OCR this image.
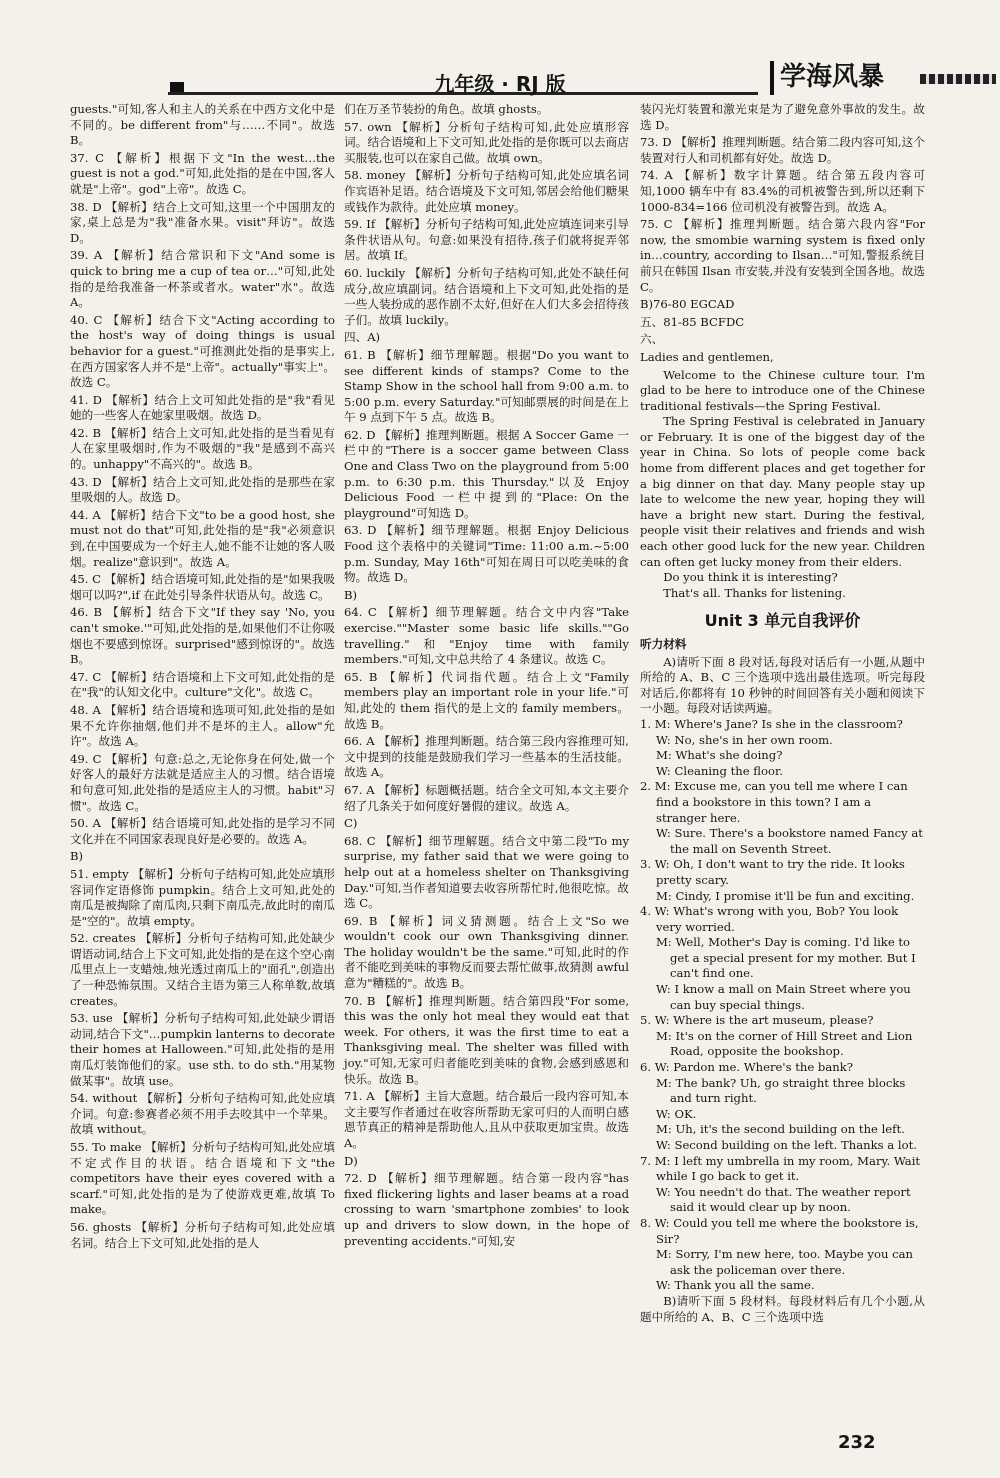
九年级 · RJ 版	学海风暴
guests."可知,客人和主人的关系在中西方文化中是不同的。be different from"与……不同"。故选 B。
37. C 【解析】根据下文"In the west…the guest is not a god."可知,此处指的是在中国,客人就是"上帝"。god"上帝"。故选 C。
38. D 【解析】结合上文可知,这里一个中国朋友的家,桌上总是为"我"准备水果。visit"拜访"。故选 D。
39. A 【解析】结合常识和下文"And some is quick to bring me a cup of tea or…"可知,此处指的是给我准备一杯茶或者水。water"水"。故选 A。
40. C 【解析】结合下文"Acting according to the host's way of doing things is usual behavior for a guest."可推测此处指的是事实上,在西方国家客人并不是"上帝"。actually"事实上"。故选 C。
41. D 【解析】结合上文可知此处指的是"我"看见她的一些客人在她家里吸烟。故选 D。
42. B 【解析】结合上文可知,此处指的是当看见有人在家里吸烟时,作为不吸烟的"我"是感到不高兴的。unhappy"不高兴的"。故选 B。
43. D 【解析】结合上文可知,此处指的是那些在家里吸烟的人。故选 D。
44. A 【解析】结合下文"to be a good host, she must not do that"可知,此处指的是"我"必须意识到,在中国要成为一个好主人,她不能不让她的客人吸烟。realize"意识到"。故选 A。
45. C 【解析】结合语境可知,此处指的是"如果我吸烟可以吗?",if 在此处引导条件状语从句。故选 C。
46. B 【解析】结合下文"If they say 'No, you can't smoke.'"可知,此处指的是,如果他们不让你吸烟也不要感到惊讶。surprised"感到惊讶的"。故选 B。
47. C 【解析】结合语境和上下文可知,此处指的是在"我"的认知文化中。culture"文化"。故选 C。
48. A 【解析】结合语境和选项可知,此处指的是如果不允许你抽烟,他们并不是坏的主人。allow"允许"。故选 A。
49. C 【解析】句意:总之,无论你身在何处,做一个好客人的最好方法就是适应主人的习惯。结合语境和句意可知,此处指的是适应主人的习惯。habit"习惯"。故选 C。
50. A 【解析】结合语境可知,此处指的是学习不同文化并在不同国家表现良好是必要的。故选 A。
B)
51. empty 【解析】分析句子结构可知,此处应填形容词作定语修饰 pumpkin。结合上文可知,此处的南瓜是被掏除了南瓜肉,只剩下南瓜壳,故此时的南瓜是"空的"。故填 empty。
52. creates 【解析】分析句子结构可知,此处缺少谓语动词,结合上下文可知,此处指的是在这个空心南瓜里点上一支蜡烛,烛光透过南瓜上的"面孔",创造出了一种恐怖氛围。又结合主语为第三人称单数,故填 creates。
53. use 【解析】分析句子结构可知,此处缺少谓语动词,结合下文"…pumpkin lanterns to decorate their homes at Halloween."可知,此处指的是用南瓜灯装饰他们的家。use sth. to do sth."用某物做某事"。故填 use。
54. without 【解析】分析句子结构可知,此处应填介词。句意:参赛者必须不用手去咬其中一个苹果。故填 without。
55. To make 【解析】分析句子结构可知,此处应填不定式作目的状语。结合语境和下文"the competitors have their eyes covered with a scarf."可知,此处指的是为了使游戏更难,故填 To make。
56. ghosts 【解析】分析句子结构可知,此处应填名词。结合上下文可知,此处指的是人
们在万圣节装扮的角色。故填 ghosts。
57. own 【解析】分析句子结构可知,此处应填形容词。结合语境和上下文可知,此处指的是你既可以去商店买服装,也可以在家自己做。故填 own。
58. money 【解析】分析句子结构可知,此处应填名词作宾语补足语。结合语境及下文可知,邻居会给他们糖果或钱作为款待。此处应填 money。
59. If 【解析】分析句子结构可知,此处应填连词来引导条件状语从句。句意:如果没有招待,孩子们就将捉弄邻居。故填 If。
60. luckily 【解析】分析句子结构可知,此处不缺任何成分,故应填副词。结合语境和上下文可知,此处指的是一些人装扮成的恶作剧不太好,但好在人们大多会招待孩子们。故填 luckily。
四、A)
61. B 【解析】细节理解题。根据"Do you want to see different kinds of stamps? Come to the Stamp Show in the school hall from 9:00 a.m. to 5:00 p.m. every Saturday."可知邮票展的时间是在上午 9 点到下午 5 点。故选 B。
62. D 【解析】推理判断题。根据 A Soccer Game 一栏中的"There is a soccer game between Class One and Class Two on the playground from 5:00 p.m. to 6:30 p.m. this Thursday."以及 Enjoy Delicious Food 一栏中提到的"Place: On the playground"可知选 D。
63. D 【解析】细节理解题。根据 Enjoy Delicious Food 这个表格中的关键词"Time: 11:00 a.m.~5:00 p.m. Sunday, May 16th"可知在周日可以吃美味的食物。故选 D。
B)
64. C 【解析】细节理解题。结合文中内容"Take exercise.""Master some basic life skills.""Go travelling."和"Enjoy time with family members."可知,文中总共给了 4 条建议。故选 C。
65. B 【解析】代词指代题。结合上文"Family members play an important role in your life."可知,此处的 them 指代的是上文的 family members。故选 B。
66. A 【解析】推理判断题。结合第三段内容推理可知,文中提到的技能是鼓励我们学习一些基本的生活技能。故选 A。
67. A 【解析】标题概括题。结合全文可知,本文主要介绍了几条关于如何度好暑假的建议。故选 A。
C)
68. C 【解析】细节理解题。结合文中第二段"To my surprise, my father said that we were going to help out at a homeless shelter on Thanksgiving Day."可知,当作者知道要去收容所帮忙时,他很吃惊。故选 C。
69. B 【解析】词义猜测题。结合上文"So we wouldn't cook our own Thanksgiving dinner. The holiday wouldn't be the same."可知,此时的作者不能吃到美味的事物反而要去帮忙做事,故猜测 awful 意为"糟糕的"。故选 B。
70. B 【解析】推理判断题。结合第四段"For some, this was the only hot meal they would eat that week. For others, it was the first time to eat a Thanksgiving meal. The shelter was filled with joy."可知,无家可归者能吃到美味的食物,会感到感恩和快乐。故选 B。
71. A 【解析】主旨大意题。结合最后一段内容可知,本文主要写作者通过在收容所帮助无家可归的人而明白感恩节真正的精神是帮助他人,且从中获取更加宝贵。故选 A。
D)
72. D 【解析】细节理解题。结合第一段内容"has fixed flickering lights and laser beams at a road crossing to warn 'smartphone zombies' to look up and drivers to slow down, in the hope of preventing accidents."可知,安
装闪光灯装置和激光束是为了避免意外事故的发生。故选 D。
73. D 【解析】推理判断题。结合第二段内容可知,这个装置对行人和司机都有好处。故选 D。
74. A 【解析】数字计算题。结合第五段内容可知,1000 辆车中有 83.4%的司机被警告到,所以还剩下 1000-834=166 位司机没有被警告到。故选 A。
75. C 【解析】推理判断题。结合第六段内容"For now, the smombie warning system is fixed only in…country, according to Ilsan…"可知,警报系统目前只在韩国 Ilsan 市安装,并没有安装到全国各地。故选 C。
B)76-80 EGCAD
五、81-85 BCFDC
六、

Ladies and gentlemen,

Welcome to the Chinese culture tour. I'm glad to be here to introduce one of the Chinese traditional festivals—the Spring Festival.

The Spring Festival is celebrated in January or February. It is one of the biggest day of the year in China. So lots of people come back home from different places and get together for a big dinner on that day. Many people stay up late to welcome the new year, hoping they will have a bright new start. During the festival, people visit their relatives and friends and wish each other good luck for the new year. Children can often get lucky money from their elders.

Do you think it is interesting?

That's all. Thanks for listening.

Unit 3 单元自我评价
听力材料

A)请听下面 8 段对话,每段对话后有一小题,从题中所给的 A、B、C 三个选项中选出最佳选项。听完每段对话后,你都将有 10 秒钟的时间回答有关小题和阅读下一小题。每段对话读两遍。

1. M: Where's Jane? Is she in the classroom?

W: No, she's in her own room.

M: What's she doing?

W: Cleaning the floor.

2. M: Excuse me, can you tell me where I can find a bookstore in this town? I am a stranger here.

W: Sure. There's a bookstore named Fancy at the mall on Seventh Street.

3. W: Oh, I don't want to try the ride. It looks pretty scary.

M: Cindy, I promise it'll be fun and exciting.

4. W: What's wrong with you, Bob? You look very worried.

M: Well, Mother's Day is coming. I'd like to get a special present for my mother. But I can't find one.

W: I know a mall on Main Street where you can buy special things.

5. W: Where is the art museum, please?

M: It's on the corner of Hill Street and Lion Road, opposite the bookshop.

6. W: Pardon me. Where's the bank?

M: The bank? Uh, go straight three blocks and turn right.

W: OK.

M: Uh, it's the second building on the left.

W: Second building on the left. Thanks a lot.

7. M: I left my umbrella in my room, Mary. Wait while I go back to get it.

W: You needn't do that. The weather report said it would clear up by noon.

8. W: Could you tell me where the bookstore is, Sir?

M: Sorry, I'm new here, too. Maybe you can ask the policeman over there.

W: Thank you all the same.

B)请听下面 5 段材料。每段材料后有几个小题,从题中所给的 A、B、C 三个选项中选

232
